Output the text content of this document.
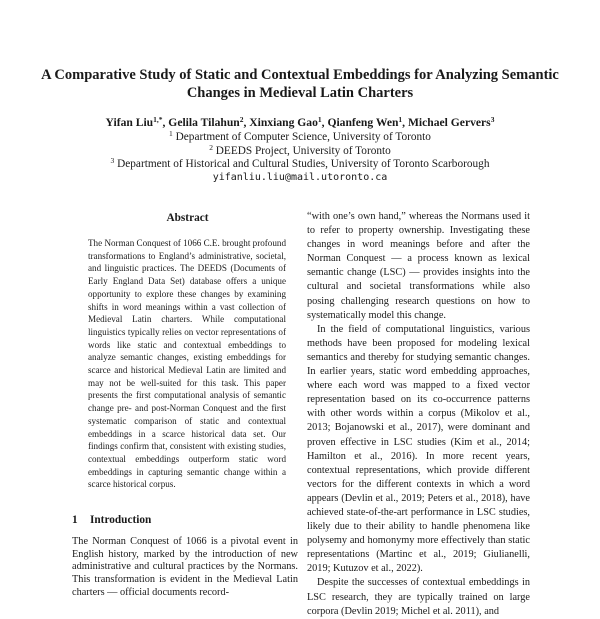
A Comparative Study of Static and Contextual Embeddings for Analyzing Semantic Changes in Medieval Latin Charters
Yifan Liu$^{1,*}$, Gelila Tilahun$^2$, Xinxiang Gao$^1$, Qianfeng Wen$^1$, Michael Gervers$^3$
$^1$ Department of Computer Science, University of Toronto
$^2$ DEEDS Project, University of Toronto
$^3$ Department of Historical and Cultural Studies, University of Toronto Scarborough
yifanliu.liu@mail.utoronto.ca
Abstract
The Norman Conquest of 1066 C.E. brought profound transformations to England’s administrative, societal, and linguistic practices. The DEEDS (Documents of Early England Data Set) database offers a unique opportunity to explore these changes by examining shifts in word meanings within a vast collection of Medieval Latin charters. While computational linguistics typically relies on vector representations of words like static and contextual embeddings to analyze semantic changes, existing embeddings for scarce and historical Medieval Latin are limited and may not be well-suited for this task. This paper presents the first computational analysis of semantic change pre- and post-Norman Conquest and the first systematic comparison of static and contextual embeddings in a scarce historical data set. Our findings confirm that, consistent with existing studies, contextual embeddings outperform static word embeddings in capturing semantic change within a scarce historical corpus.
1 Introduction
The Norman Conquest of 1066 is a pivotal event in English history, marked by the introduction of new administrative and cultural practices by the Normans. This transformation is evident in the Medieval Latin charters — official documents record-

“with one’s own hand,” whereas the Normans used it to refer to property ownership. Investigating these changes in word meanings before and after the Norman Conquest — a process known as lexical semantic change (LSC) — provides insights into the cultural and societal transformations while also posing challenging research questions on how to systematically model this change.

In the field of computational linguistics, various methods have been proposed for modeling lexical semantics and thereby for studying semantic changes. In earlier years, static word embedding approaches, where each word was mapped to a fixed vector representation based on its co-occurrence patterns with other words within a corpus (Mikolov et al., 2013; Bojanowski et al., 2017), were dominant and proven effective in LSC studies (Kim et al., 2014; Hamilton et al., 2016). In more recent years, contextual representations, which provide different vectors for the different contexts in which a word appears (Devlin et al., 2019; Peters et al., 2018), have achieved state-of-the-art performance in LSC studies, likely due to their ability to handle phenomena like polysemy and homonymy more effectively than static representations (Martinc et al., 2019; Giulianelli, 2019; Kutuzov et al., 2022).

Despite the successes of contextual embeddings in LSC research, they are typically trained on large corpora (Devlin 2019; Michel et al. 2011), and
